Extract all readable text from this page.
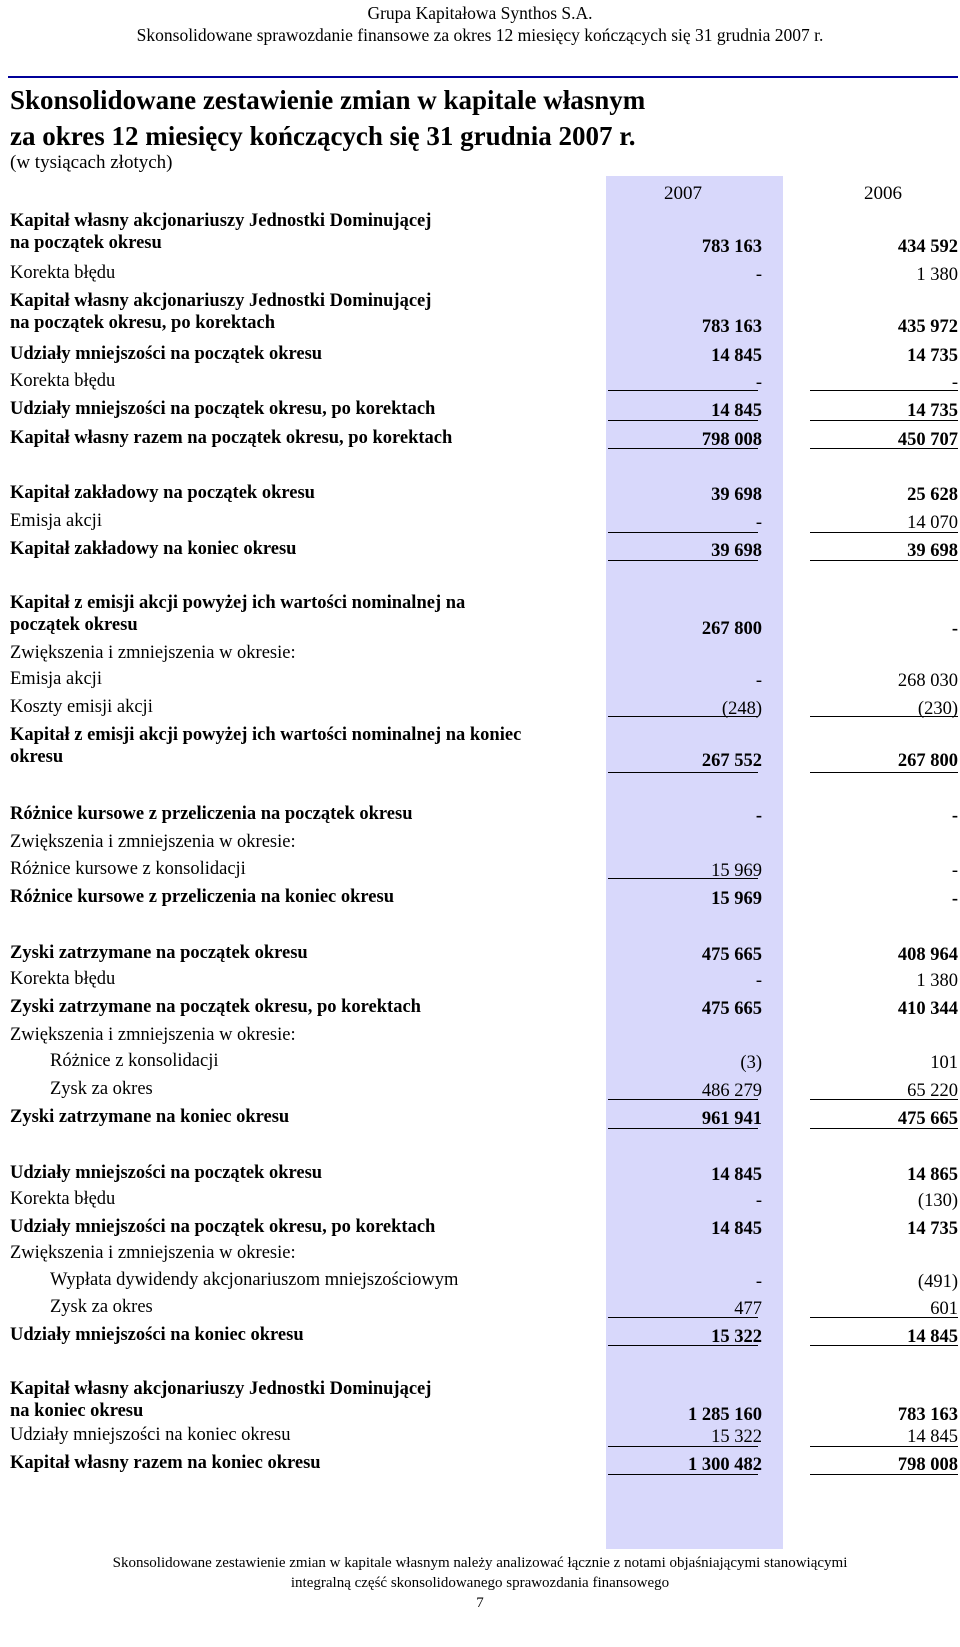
Grupa Kapitałowa Synthos S.A.
Skonsolidowane sprawozdanie finansowe za okres 12 miesięcy kończących się 31 grudnia 2007 r.
Skonsolidowane zestawienie zmian w kapitale własnym
za okres 12 miesięcy kończących się 31 grudnia 2007 r.
(w tysiącach złotych)
2007	2006
Kapitał własny akcjonariuszy Jednostki Dominującej
na początek okresu	783 163	434 592
Korekta błędu	-	1 380
Kapitał własny akcjonariuszy Jednostki Dominującej
na początek okresu, po korektach	783 163	435 972
Udziały mniejszości na początek okresu	14 845	14 735
Korekta błędu	-	-
Udziały mniejszości na początek okresu, po korektach	14 845	14 735
Kapitał własny razem na początek okresu, po korektach	798 008	450 707
Kapitał zakładowy na początek okresu	39 698	25 628
Emisja akcji	-	14 070
Kapitał zakładowy na koniec okresu	39 698	39 698
Kapitał z emisji akcji powyżej ich wartości nominalnej na
początek okresu	267 800	-
Zwiększenia i zmniejszenia w okresie:
Emisja akcji	-	268 030
Koszty emisji akcji	(248)	(230)
Kapitał z emisji akcji powyżej ich wartości nominalnej na koniec
okresu	267 552	267 800
Różnice kursowe z przeliczenia na początek okresu	-	-
Zwiększenia i zmniejszenia w okresie:
Różnice kursowe z konsolidacji	15 969	-
Różnice kursowe z przeliczenia na koniec okresu	15 969	-
Zyski zatrzymane na początek okresu	475 665	408 964
Korekta błędu	-	1 380
Zyski zatrzymane na początek okresu, po korektach	475 665	410 344
Zwiększenia i zmniejszenia w okresie:
Różnice z konsolidacji	(3)	101
Zysk za okres	486 279	65 220
Zyski zatrzymane na koniec okresu	961 941	475 665
Udziały mniejszości na początek okresu	14 845	14 865
Korekta błędu	-	(130)
Udziały mniejszości na początek okresu, po korektach	14 845	14 735
Zwiększenia i zmniejszenia w okresie:
Wypłata dywidendy akcjonariuszom mniejszościowym	-	(491)
Zysk za okres	477	601
Udziały mniejszości na koniec okresu	15 322	14 845
Kapitał własny akcjonariuszy Jednostki Dominującej
na koniec okresu	1 285 160	783 163
Udziały mniejszości na koniec okresu	15 322	14 845
Kapitał własny razem na koniec okresu	1 300 482	798 008
Skonsolidowane zestawienie zmian w kapitale własnym należy analizować łącznie z notami objaśniającymi stanowiącymi
integralną część skonsolidowanego sprawozdania finansowego
7
